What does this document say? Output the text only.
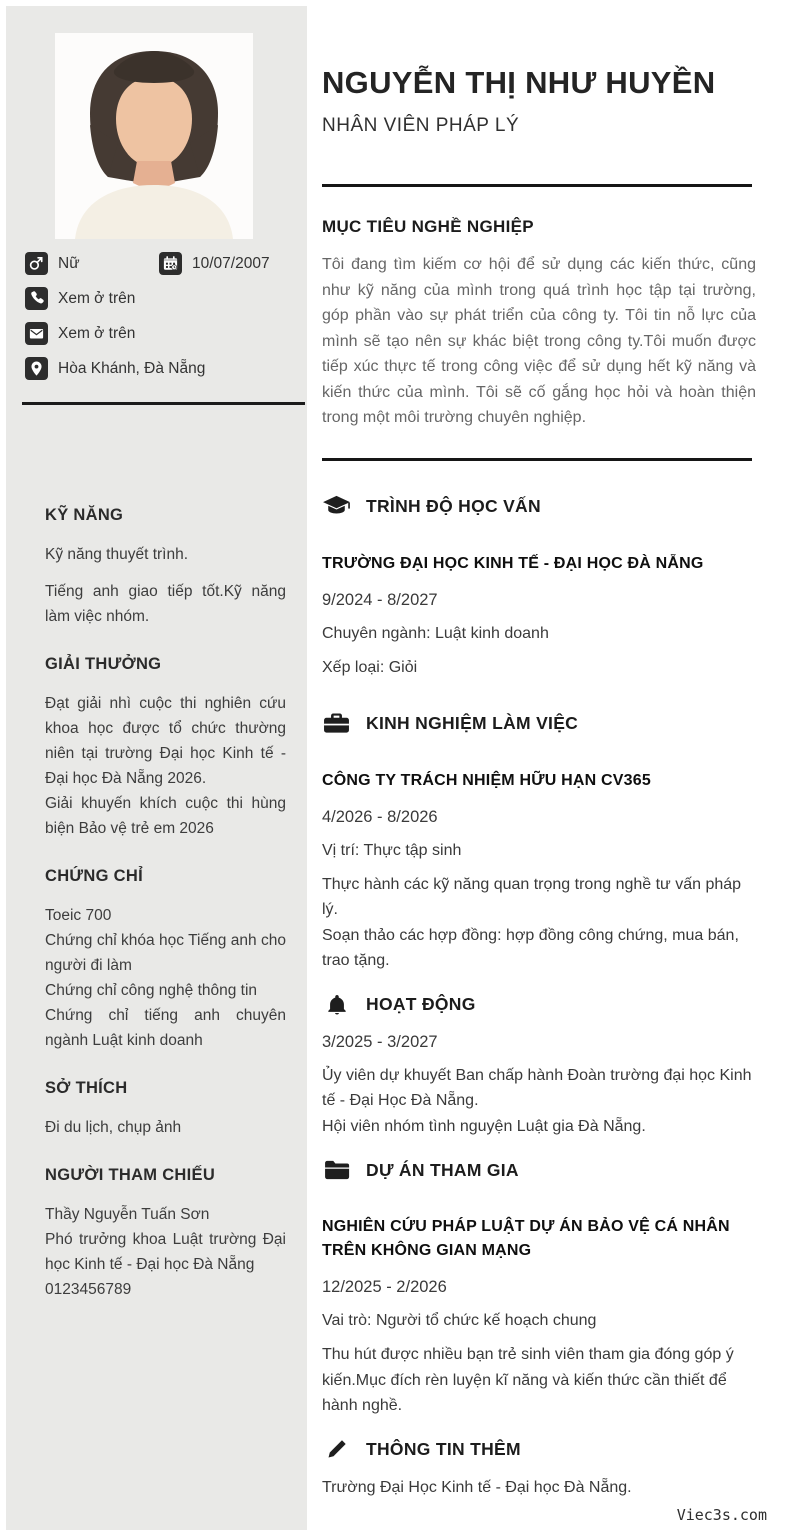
Nữ	10/07/2007
Xem ở trên
Xem ở trên
Hòa Khánh, Đà Nẵng
KỸ NĂNG
Kỹ năng thuyết trình.
Tiếng anh giao tiếp tốt.Kỹ năng làm việc nhóm.
GIẢI THƯỞNG
Đạt giải nhì cuộc thi nghiên cứu khoa học được tổ chức thường niên tại trường Đại học Kinh tế - Đại học Đà Nẵng 2026.
Giải khuyến khích cuộc thi hùng biện Bảo vệ trẻ em 2026
CHỨNG CHỈ
Toeic 700
Chứng chỉ khóa học Tiếng anh cho người đi làm
Chứng chỉ công nghệ thông tin
Chứng chỉ tiếng anh chuyên ngành Luật kinh doanh
SỞ THÍCH
Đi du lịch, chụp ảnh
NGƯỜI THAM CHIẾU
Thầy Nguyễn Tuấn Sơn
Phó trưởng khoa Luật trường Đại học Kinh tế - Đại học Đà Nẵng
0123456789
NGUYỄN THỊ NHƯ HUYỀN
NHÂN VIÊN PHÁP LÝ
MỤC TIÊU NGHỀ NGHIỆP
Tôi đang tìm kiếm cơ hội để sử dụng các kiến thức, cũng như kỹ năng của mình trong quá trình học tập tại trường, góp phần vào sự phát triển của công ty. Tôi tin nỗ lực của mình sẽ tạo nên sự khác biệt trong công ty.Tôi muốn được tiếp xúc thực tế trong công việc để sử dụng hết kỹ năng và kiến thức của mình. Tôi sẽ cố gắng học hỏi và hoàn thiện trong một môi trường chuyên nghiệp.
TRÌNH ĐỘ HỌC VẤN
TRƯỜNG ĐẠI HỌC KINH TẾ - ĐẠI HỌC ĐÀ NẴNG
9/2024 - 8/2027
Chuyên ngành: Luật kinh doanh
Xếp loại: Giỏi
KINH NGHIỆM LÀM VIỆC
CÔNG TY TRÁCH NHIỆM HỮU HẠN CV365
4/2026 - 8/2026
Vị trí: Thực tập sinh
Thực hành các kỹ năng quan trọng trong nghề tư vấn pháp lý.
Soạn thảo các hợp đồng: hợp đồng công chứng, mua bán, trao tặng.
HOẠT ĐỘNG
3/2025 - 3/2027
Ủy viên dự khuyết Ban chấp hành Đoàn trường đại học Kinh tế - Đại Học Đà Nẵng.
Hội viên nhóm tình nguyện Luật gia Đà Nẵng.
DỰ ÁN THAM GIA
NGHIÊN CỨU PHÁP LUẬT DỰ ÁN BẢO VỆ CÁ NHÂN TRÊN KHÔNG GIAN MẠNG
12/2025 - 2/2026
Vai trò: Người tổ chức kế hoạch chung
Thu hút được nhiều bạn trẻ sinh viên tham gia đóng góp ý kiến.Mục đích rèn luyện kĩ năng và kiến thức cần thiết để hành nghề.
THÔNG TIN THÊM
Trường Đại Học Kinh tế - Đại học Đà Nẵng.
Viec3s.com
